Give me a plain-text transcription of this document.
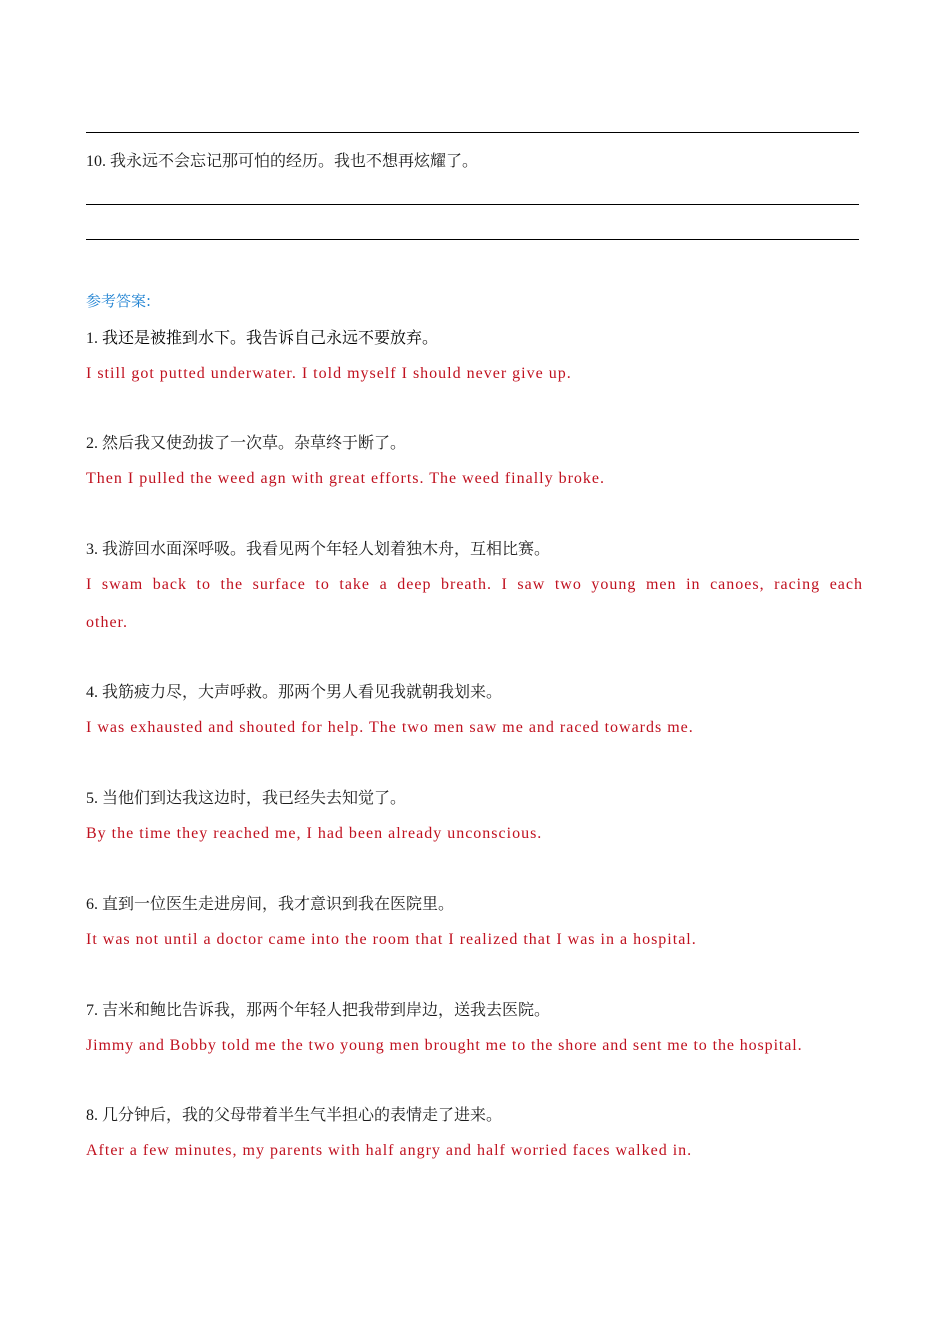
10. 我永远不会忘记那可怕的经历。我也不想再炫耀了。
参考答案:
1. 我还是被推到水下。我告诉自己永远不要放弃。
I still got putted underwater. I told myself I should never give up.
2. 然后我又使劲拔了一次草。杂草终于断了。
Then I pulled the weed agn with great efforts. The weed finally broke.
3. 我游回水面深呼吸。我看见两个年轻人划着独木舟，互相比赛。
I swam back to the surface to take a deep breath. I saw two young men in canoes, racing each other.
4. 我筋疲力尽，大声呼救。那两个男人看见我就朝我划来。
I was exhausted and shouted for help. The two men saw me and raced towards me.
5. 当他们到达我这边时，我已经失去知觉了。
By the time they reached me, I had been already unconscious.
6. 直到一位医生走进房间，我才意识到我在医院里。
It was not until a doctor came into the room that I realized that I was in a hospital.
7. 吉米和鲍比告诉我，那两个年轻人把我带到岸边，送我去医院。
Jimmy and Bobby told me the two young men brought me to the shore and sent me to the hospital.
8. 几分钟后，我的父母带着半生气半担心的表情走了进来。
After a few minutes, my parents with half angry and half worried faces walked in.
